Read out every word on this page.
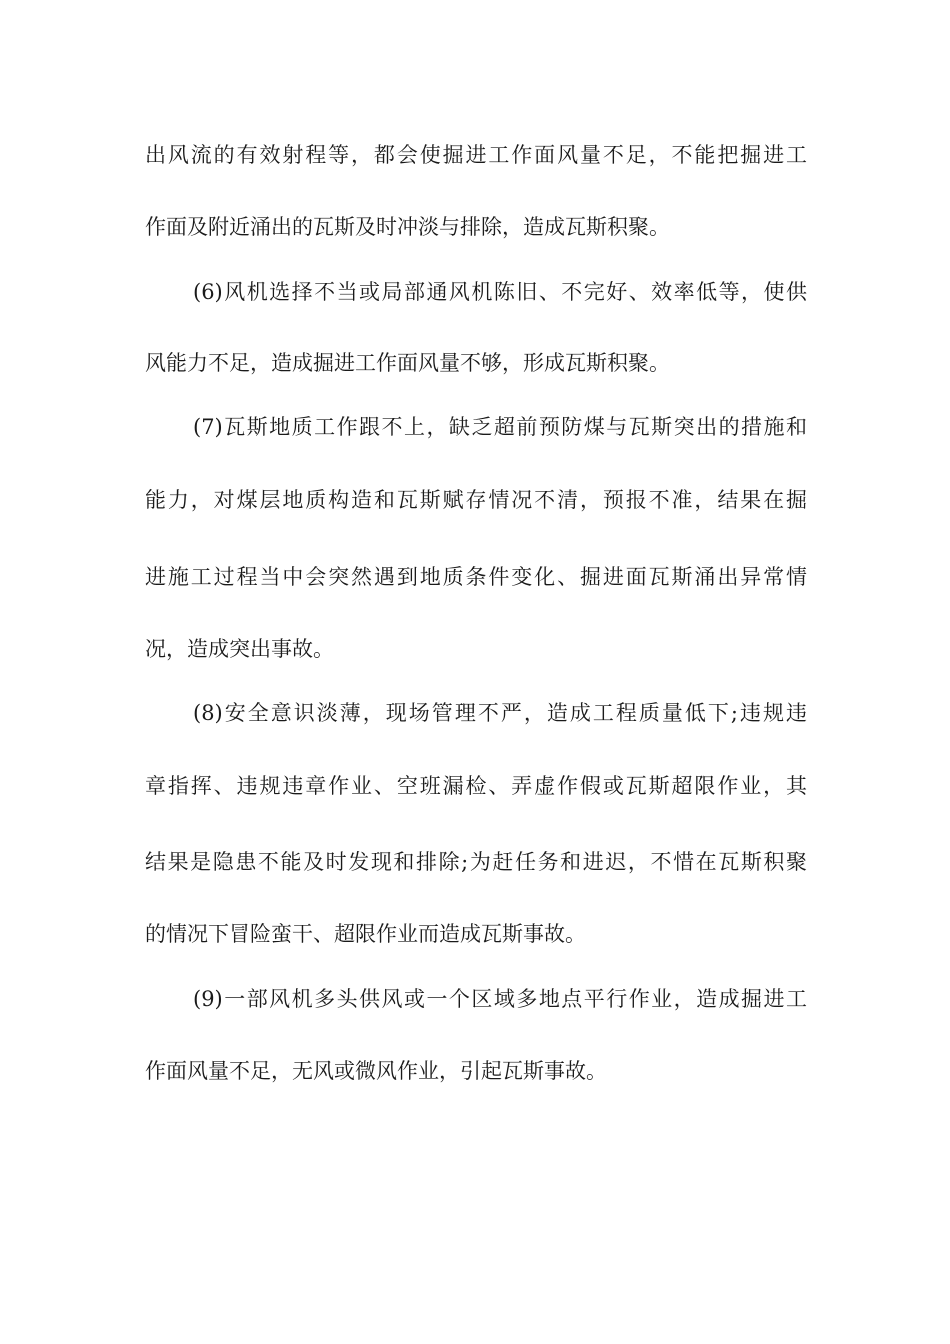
出风流的有效射程等，都会使掘进工作面风量不足，不能把掘进工
作面及附近涌出的瓦斯及时冲淡与排除，造成瓦斯积聚。
(6)风机选择不当或局部通风机陈旧、不完好、效率低等，使供
风能力不足，造成掘进工作面风量不够，形成瓦斯积聚。
(7)瓦斯地质工作跟不上，缺乏超前预防煤与瓦斯突出的措施和
能力，对煤层地质构造和瓦斯赋存情况不清，预报不准，结果在掘
进施工过程当中会突然遇到地质条件变化、掘进面瓦斯涌出异常情
况，造成突出事故。
(8)安全意识淡薄，现场管理不严，造成工程质量低下;违规违
章指挥、违规违章作业、空班漏检、弄虚作假或瓦斯超限作业，其
结果是隐患不能及时发现和排除;为赶任务和进迟，不惜在瓦斯积聚
的情况下冒险蛮干、超限作业而造成瓦斯事故。
(9)一部风机多头供风或一个区域多地点平行作业，造成掘进工
作面风量不足，无风或微风作业，引起瓦斯事故。
